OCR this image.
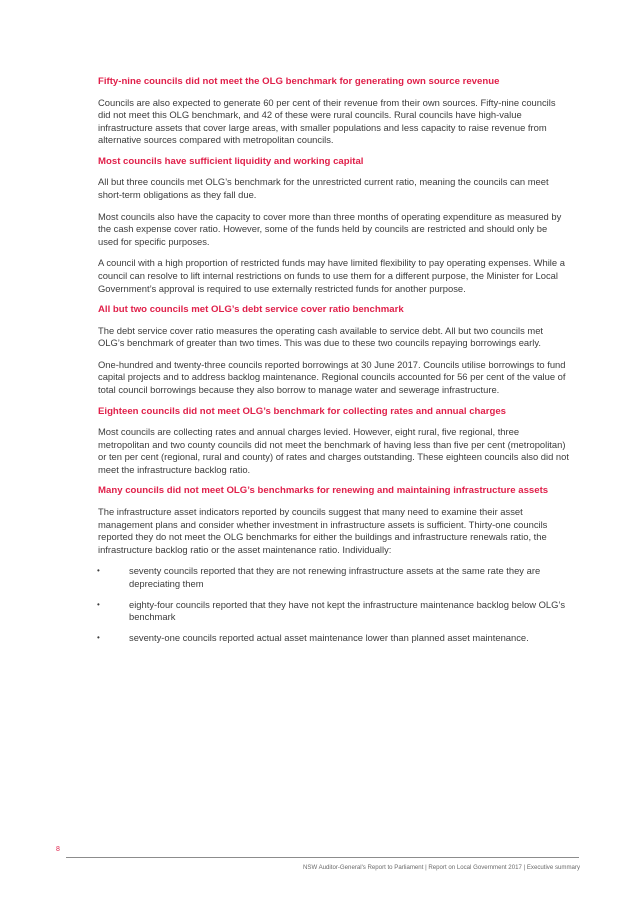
Fifty-nine councils did not meet the OLG benchmark for generating own source revenue

Councils are also expected to generate 60 per cent of their revenue from their own sources. Fifty-nine councils did not meet this OLG benchmark, and 42 of these were rural councils. Rural councils have high-value infrastructure assets that cover large areas, with smaller populations and less capacity to raise revenue from alternative sources compared with metropolitan councils.

Most councils have sufficient liquidity and working capital

All but three councils met OLG’s benchmark for the unrestricted current ratio, meaning the councils can meet short-term obligations as they fall due.

Most councils also have the capacity to cover more than three months of operating expenditure as measured by the cash expense cover ratio. However, some of the funds held by councils are restricted and should only be used for specific purposes.

A council with a high proportion of restricted funds may have limited flexibility to pay operating expenses. While a council can resolve to lift internal restrictions on funds to use them for a different purpose, the Minister for Local Government’s approval is required to use externally restricted funds for another purpose.

All but two councils met OLG’s debt service cover ratio benchmark

The debt service cover ratio measures the operating cash available to service debt. All but two councils met OLG’s benchmark of greater than two times. This was due to these two councils repaying borrowings early.

One-hundred and twenty-three councils reported borrowings at 30 June 2017. Councils utilise borrowings to fund capital projects and to address backlog maintenance. Regional councils accounted for 56 per cent of the value of total council borrowings because they also borrow to manage water and sewerage infrastructure.

Eighteen councils did not meet OLG’s benchmark for collecting rates and annual charges

Most councils are collecting rates and annual charges levied. However, eight rural, five regional, three metropolitan and two county councils did not meet the benchmark of having less than five per cent (metropolitan) or ten per cent (regional, rural and county) of rates and charges outstanding. These eighteen councils also did not meet the infrastructure backlog ratio.

Many councils did not meet OLG’s benchmarks for renewing and maintaining infrastructure assets

The infrastructure asset indicators reported by councils suggest that many need to examine their asset management plans and consider whether investment in infrastructure assets is sufficient. Thirty-one councils reported they do not meet the OLG benchmarks for either the buildings and infrastructure renewals ratio, the infrastructure backlog ratio or the asset maintenance ratio. Individually:

•	seventy councils reported that they are not renewing infrastructure assets at the same rate they are depreciating them
•	eighty-four councils reported that they have not kept the infrastructure maintenance backlog below OLG’s benchmark
•	seventy-one councils reported actual asset maintenance lower than planned asset maintenance.
8
NSW Auditor-General's Report to Parliament | Report on Local Government 2017 | Executive summary
